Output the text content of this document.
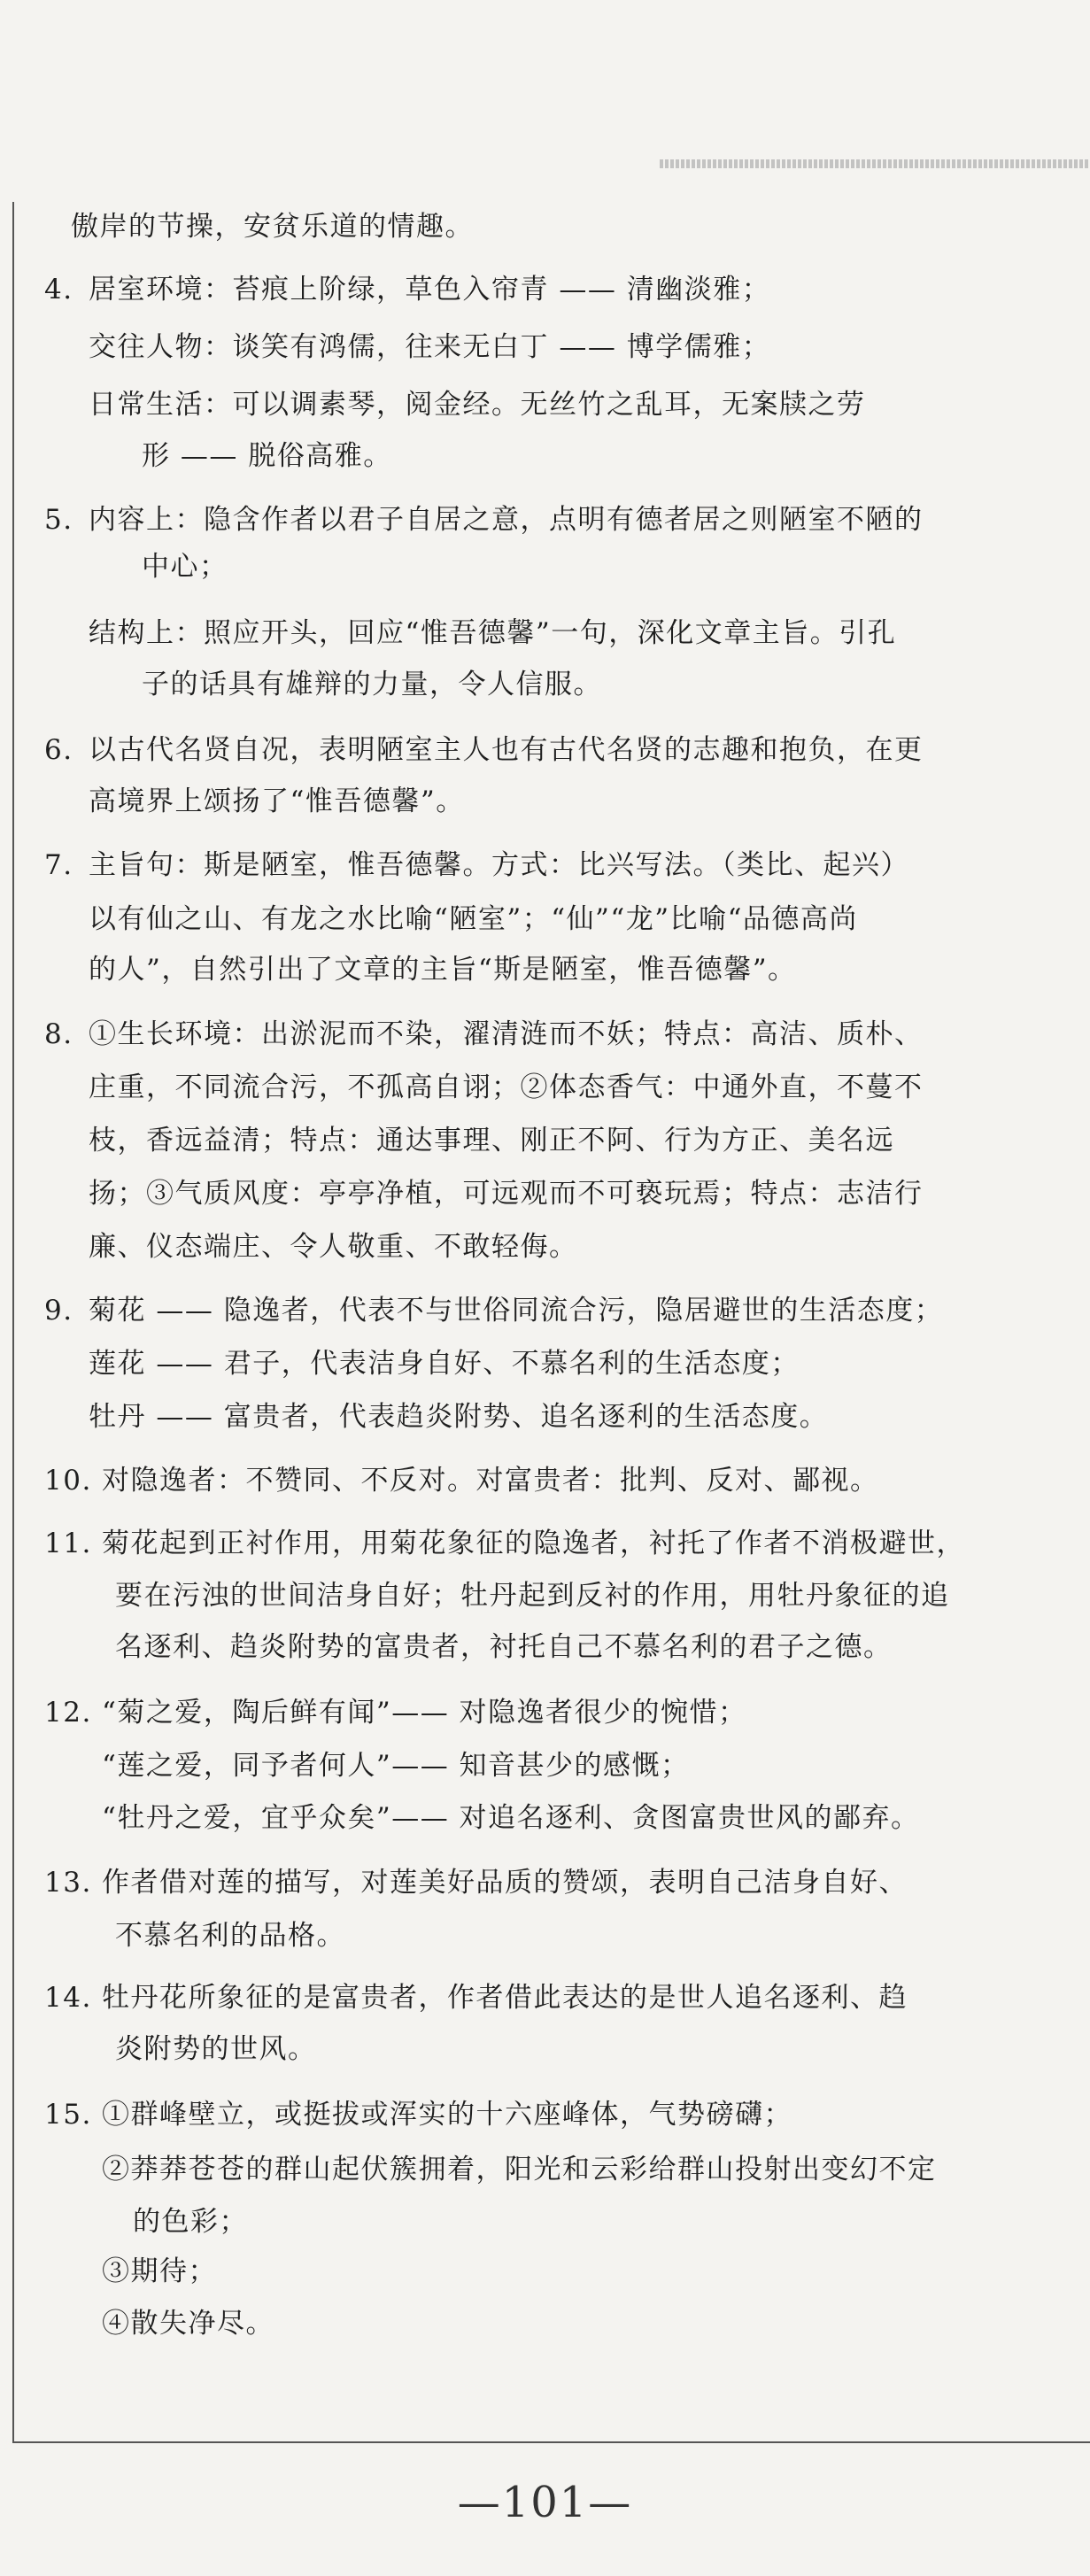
傲岸的节操，安贫乐道的情趣。
4. 居室环境：苔痕上阶绿，草色入帘青 —— 清幽淡雅；
交往人物：谈笑有鸿儒，往来无白丁 —— 博学儒雅；
日常生活：可以调素琴，阅金经。无丝竹之乱耳，无案牍之劳
形 —— 脱俗高雅。
5. 内容上：隐含作者以君子自居之意，点明有德者居之则陋室不陋的
中心；
结构上：照应开头，回应“惟吾德馨”一句，深化文章主旨。引孔
子的话具有雄辩的力量，令人信服。
6. 以古代名贤自况，表明陋室主人也有古代名贤的志趣和抱负，在更
高境界上颂扬了“惟吾德馨”。
7. 主旨句：斯是陋室，惟吾德馨。方式：比兴写法。（类比、起兴）
以有仙之山、有龙之水比喻“陋室”；“仙”“龙”比喻“品德高尚
的人”，自然引出了文章的主旨“斯是陋室，惟吾德馨”。
8. ①生长环境：出淤泥而不染，濯清涟而不妖；特点：高洁、质朴、
庄重，不同流合污，不孤高自诩；②体态香气：中通外直，不蔓不
枝，香远益清；特点：通达事理、刚正不阿、行为方正、美名远
扬；③气质风度：亭亭净植，可远观而不可亵玩焉；特点：志洁行
廉、仪态端庄、令人敬重、不敢轻侮。
9. 菊花 —— 隐逸者，代表不与世俗同流合污，隐居避世的生活态度；
莲花 —— 君子，代表洁身自好、不慕名利的生活态度；
牡丹 —— 富贵者，代表趋炎附势、追名逐利的生活态度。
10. 对隐逸者：不赞同、不反对。对富贵者：批判、反对、鄙视。
11. 菊花起到正衬作用，用菊花象征的隐逸者，衬托了作者不消极避世，
要在污浊的世间洁身自好；牡丹起到反衬的作用，用牡丹象征的追
名逐利、趋炎附势的富贵者，衬托自己不慕名利的君子之德。
12. “菊之爱，陶后鲜有闻”—— 对隐逸者很少的惋惜；
“莲之爱，同予者何人”—— 知音甚少的感慨；
“牡丹之爱，宜乎众矣”—— 对追名逐利、贪图富贵世风的鄙弃。
13. 作者借对莲的描写，对莲美好品质的赞颂，表明自己洁身自好、
不慕名利的品格。
14. 牡丹花所象征的是富贵者，作者借此表达的是世人追名逐利、趋
炎附势的世风。
15. ①群峰壁立，或挺拔或浑实的十六座峰体，气势磅礴；
②莽莽苍苍的群山起伏簇拥着，阳光和云彩给群山投射出变幻不定
的色彩；
③期待；
④散失净尽。
—101—
